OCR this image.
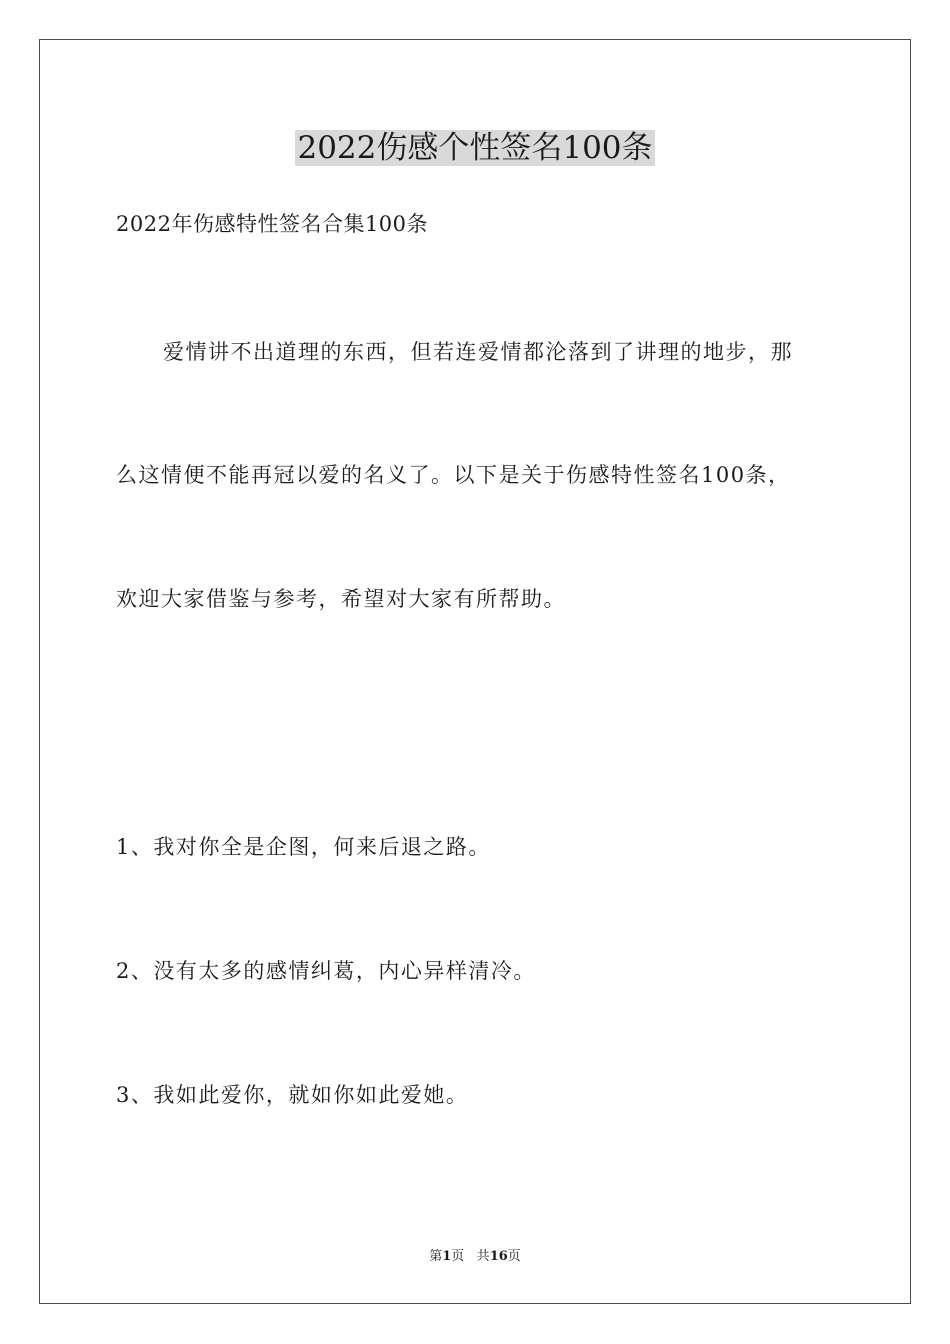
2022伤感个性签名100条

2022年伤感特性签名合集100条

爱情讲不出道理的东西，但若连爱情都沦落到了讲理的地步，那

么这情便不能再冠以爱的名义了。以下是关于伤感特性签名100条，

欢迎大家借鉴与参考，希望对大家有所帮助。

1、我对你全是企图，何来后退之路。

2、没有太多的感情纠葛，内心异样清冷。

3、我如此爱你，就如你如此爱她。

第1页 共16页
